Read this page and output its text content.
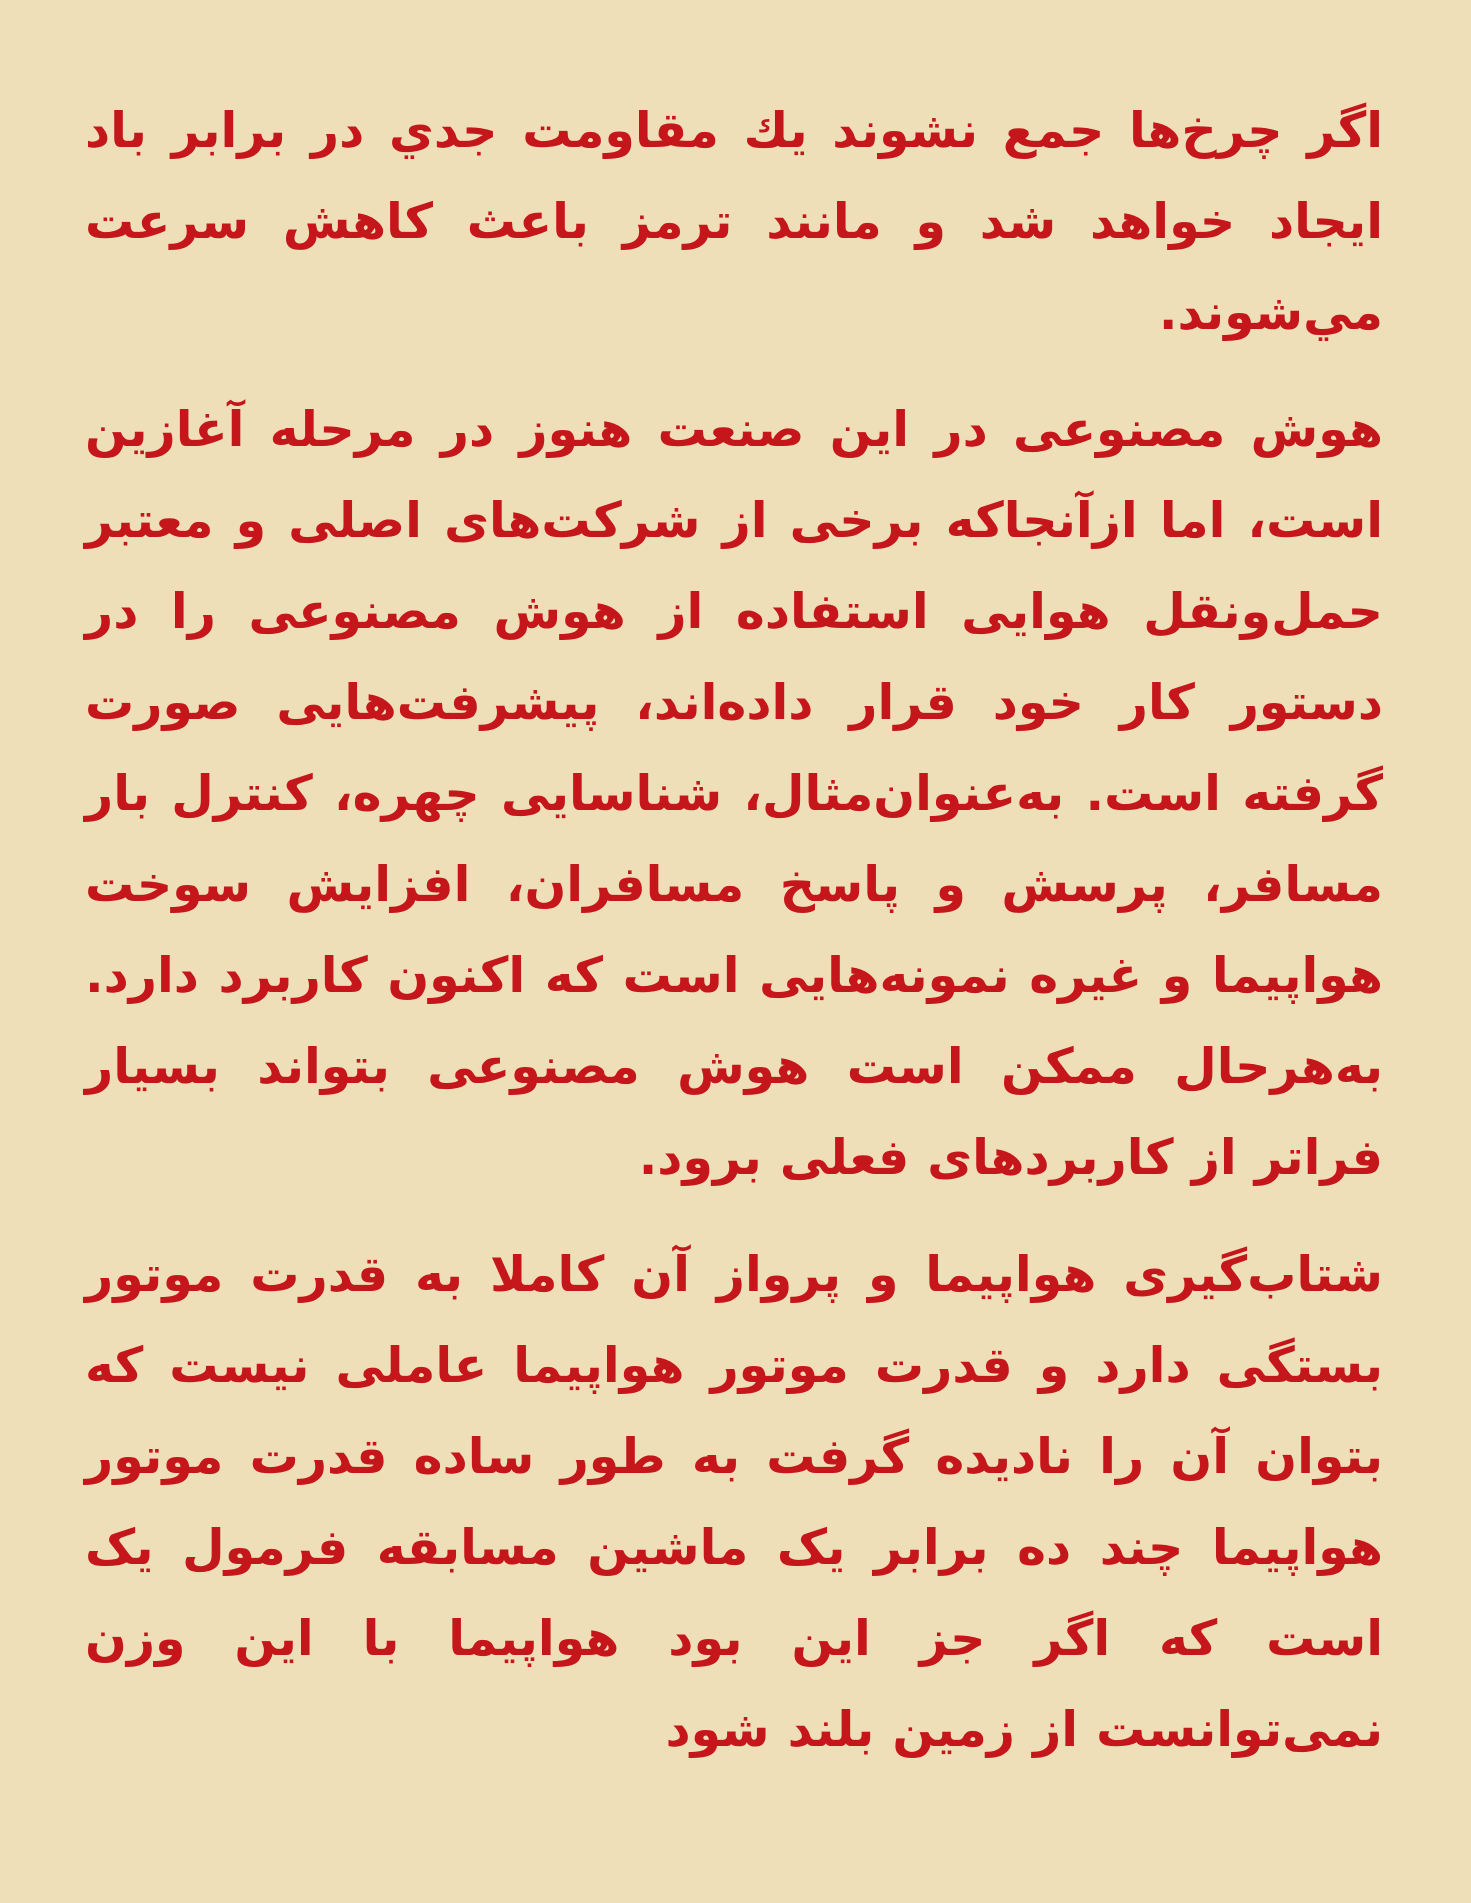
اگر چرخ‌ها جمع نشوند يك مقاومت جدي در برابر باد ايجاد خواهد شد و مانند ترمز باعث كاهش سرعت مي‌شوند.

هوش مصنوعی در این صنعت هنوز در مرحله آغازین است، اما ازآنجاکه برخی از شرکت‌های اصلی و معتبر حمل‌ونقل هوایی استفاده از هوش مصنوعی را در دستور کار خود قرار داده‌اند، پیشرفت‌هایی صورت گرفته است. به‌عنوان‌مثال، شناسایی چهره، کنترل بار مسافر، پرسش و پاسخ مسافران، افزایش سوخت هواپیما و غیره نمونه‌هایی است که اکنون کاربرد دارد. به‌هرحال ممکن است هوش مصنوعی بتواند بسیار فراتر از کاربردهای فعلی برود.

شتاب‌گیری هواپیما و پرواز آن کاملا به قدرت موتور بستگی دارد و قدرت موتور هواپیما عاملی نیست که بتوان آن را نادیده گرفت به طور ساده قدرت موتور هواپیما چند ده برابر یک ماشین مسابقه فرمول یک است که اگر جز این بود هواپیما با این وزن نمی‌توانست از زمین بلند شود
